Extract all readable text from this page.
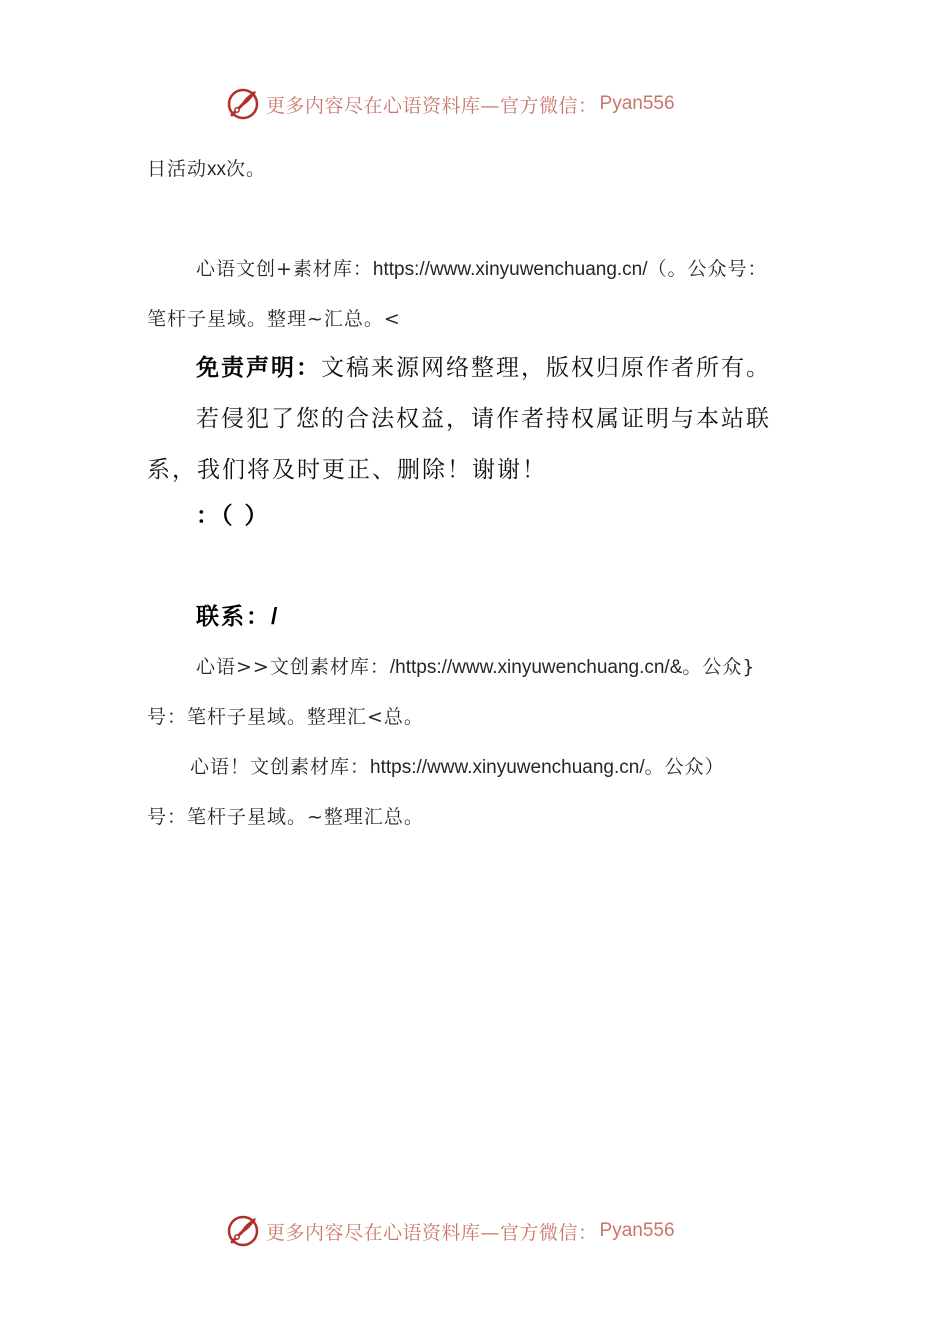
更多内容尽在心语资料库—官方微信： Pyan556
日活动xx次。
心语文创+素材库：https://www.xinyuwenchuang.cn/（。公众号：
笔杆子星域。整理~汇总。<
免责声明：文稿来源网络整理，版权归原作者所有。
若侵犯了您的合法权益，请作者持权属证明与本站联
系，我们将及时更正、删除！谢谢！
：（ ）
联系：/
心语>>文创素材库：/https://www.xinyuwenchuang.cn/&。公众}
号：笔杆子星域。整理汇<总。
心语！文创素材库：https://www.xinyuwenchuang.cn/。公众）
号：笔杆子星域。~整理汇总。
更多内容尽在心语资料库—官方微信： Pyan556
